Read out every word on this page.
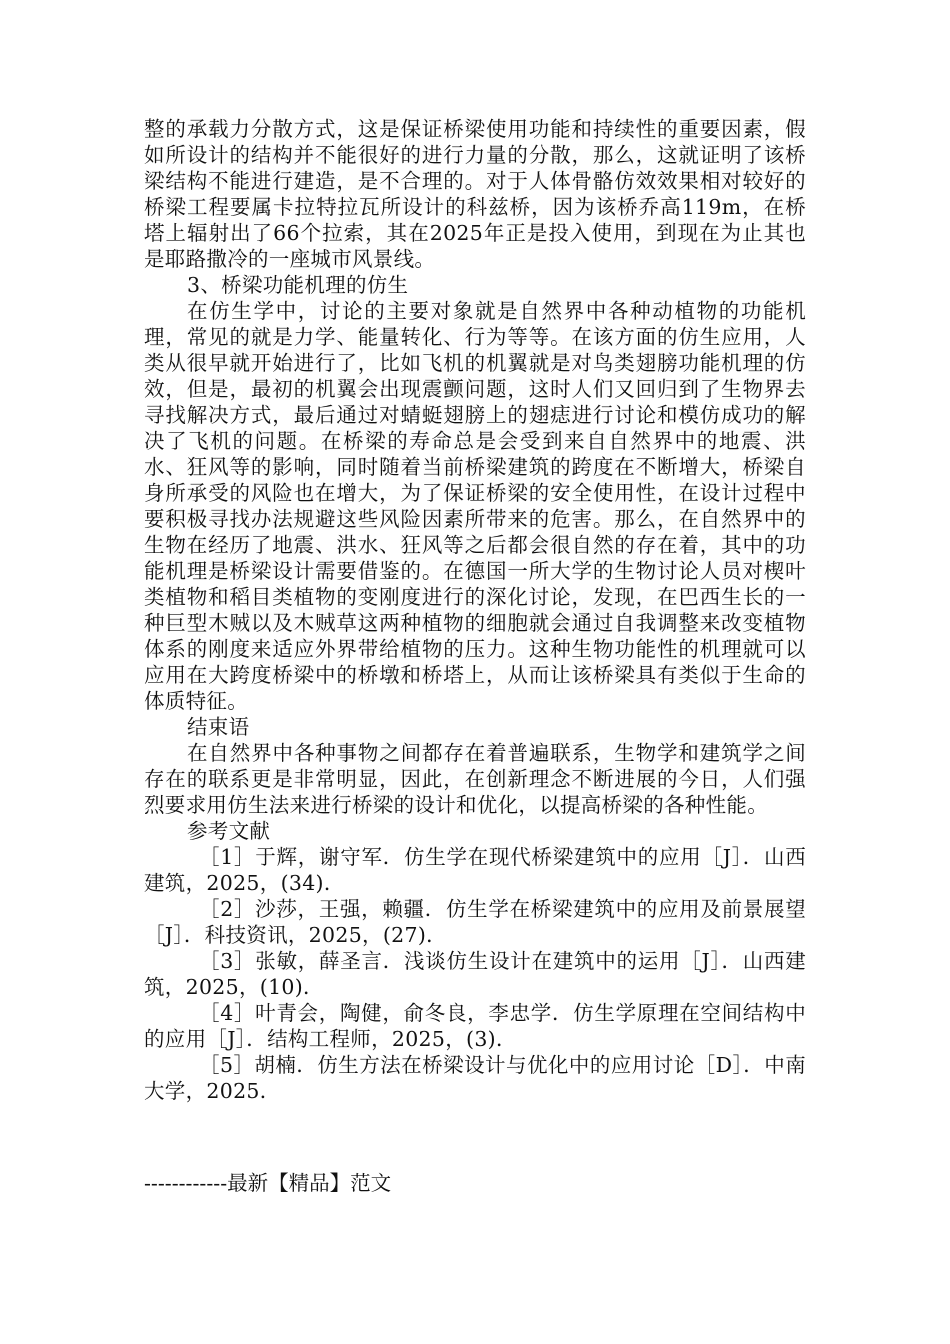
整的承载力分散方式，这是保证桥梁使用功能和持续性的重要因素，假如所设计的结构并不能很好的进行力量的分散，那么，这就证明了该桥梁结构不能进行建造，是不合理的。对于人体骨骼仿效效果相对较好的桥梁工程要属卡拉特拉瓦所设计的科兹桥，因为该桥乔高119m，在桥塔上辐射出了66个拉索，其在2025年正是投入使用，到现在为止其也是耶路撒冷的一座城市风景线。

3、桥梁功能机理的仿生

在仿生学中，讨论的主要对象就是自然界中各种动植物的功能机理，常见的就是力学、能量转化、行为等等。在该方面的仿生应用，人类从很早就开始进行了，比如飞机的机翼就是对鸟类翅膀功能机理的仿效，但是，最初的机翼会出现震颤问题，这时人们又回归到了生物界去寻找解决方式，最后通过对蜻蜓翅膀上的翅痣进行讨论和模仿成功的解决了飞机的问题。在桥梁的寿命总是会受到来自自然界中的地震、洪水、狂风等的影响，同时随着当前桥梁建筑的跨度在不断增大，桥梁自身所承受的风险也在增大，为了保证桥梁的安全使用性，在设计过程中要积极寻找办法规避这些风险因素所带来的危害。那么，在自然界中的生物在经历了地震、洪水、狂风等之后都会很自然的存在着，其中的功能机理是桥梁设计需要借鉴的。在德国一所大学的生物讨论人员对楔叶类植物和稻目类植物的变刚度进行的深化讨论，发现，在巴西生长的一种巨型木贼以及木贼草这两种植物的细胞就会通过自我调整来改变植物体系的刚度来适应外界带给植物的压力。这种生物功能性的机理就可以应用在大跨度桥梁中的桥墩和桥塔上，从而让该桥梁具有类似于生命的体质特征。

结束语

在自然界中各种事物之间都存在着普遍联系，生物学和建筑学之间存在的联系更是非常明显，因此，在创新理念不断进展的今日，人们强烈要求用仿生法来进行桥梁的设计和优化，以提高桥梁的各种性能。

参考文献

［1］于辉，谢守军．仿生学在现代桥梁建筑中的应用［J］．山西建筑，2025，(34)．

［2］沙莎，王强，赖疆．仿生学在桥梁建筑中的应用及前景展望［J］．科技资讯，2025，(27)．

［3］张敏，薛圣言．浅谈仿生设计在建筑中的运用［J］．山西建筑，2025，(10)．

［4］叶青会，陶健，俞冬良，李忠学．仿生学原理在空间结构中的应用［J］．结构工程师，2025，(3)．

［5］胡楠．仿生方法在桥梁设计与优化中的应用讨论［D］．中南大学，2025．

------------最新【精品】范文
